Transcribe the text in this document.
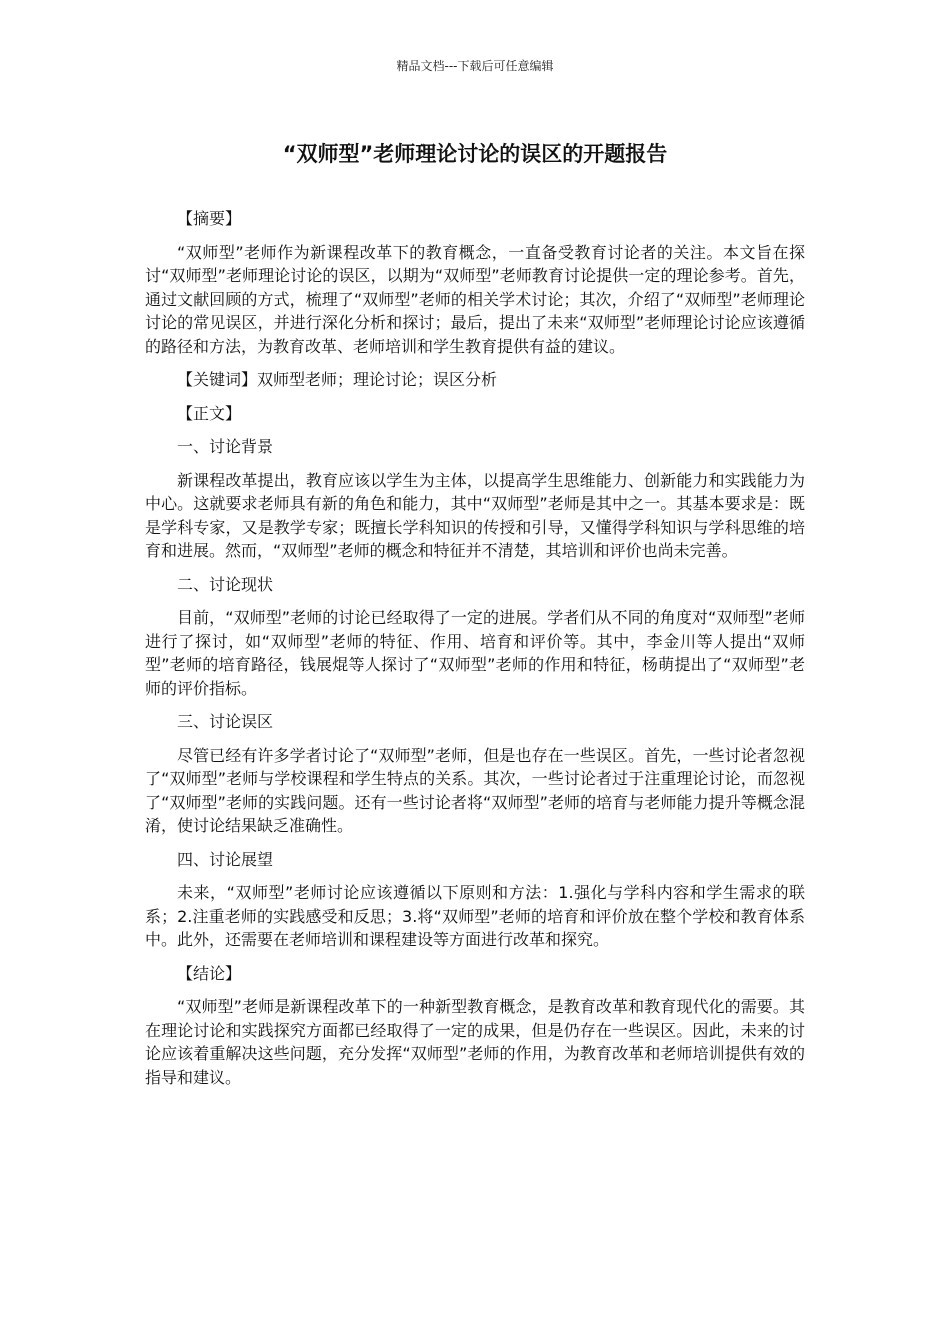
精品文档---下载后可任意编辑
“双师型”老师理论讨论的误区的开题报告

【摘要】

“双师型”老师作为新课程改革下的教育概念，一直备受教育讨论者的关注。本文旨在探讨“双师型”老师理论讨论的误区，以期为“双师型”老师教育讨论提供一定的理论参考。首先，通过文献回顾的方式，梳理了“双师型”老师的相关学术讨论；其次，介绍了“双师型”老师理论讨论的常见误区，并进行深化分析和探讨；最后，提出了未来“双师型”老师理论讨论应该遵循的路径和方法，为教育改革、老师培训和学生教育提供有益的建议。

【关键词】双师型老师；理论讨论；误区分析

【正文】

一、讨论背景

新课程改革提出，教育应该以学生为主体，以提高学生思维能力、创新能力和实践能力为中心。这就要求老师具有新的角色和能力，其中“双师型”老师是其中之一。其基本要求是：既是学科专家，又是教学专家；既擅长学科知识的传授和引导，又懂得学科知识与学科思维的培育和进展。然而，“双师型”老师的概念和特征并不清楚，其培训和评价也尚未完善。

二、讨论现状

目前，“双师型”老师的讨论已经取得了一定的进展。学者们从不同的角度对“双师型”老师进行了探讨，如“双师型”老师的特征、作用、培育和评价等。其中，李金川等人提出“双师型”老师的培育路径，钱展焜等人探讨了“双师型”老师的作用和特征，杨萌提出了“双师型”老师的评价指标。

三、讨论误区

尽管已经有许多学者讨论了“双师型”老师，但是也存在一些误区。首先，一些讨论者忽视了“双师型”老师与学校课程和学生特点的关系。其次，一些讨论者过于注重理论讨论，而忽视了“双师型”老师的实践问题。还有一些讨论者将“双师型”老师的培育与老师能力提升等概念混淆，使讨论结果缺乏准确性。

四、讨论展望

未来，“双师型”老师讨论应该遵循以下原则和方法：1.强化与学科内容和学生需求的联系；2.注重老师的实践感受和反思；3.将“双师型”老师的培育和评价放在整个学校和教育体系中。此外，还需要在老师培训和课程建设等方面进行改革和探究。

【结论】

“双师型”老师是新课程改革下的一种新型教育概念，是教育改革和教育现代化的需要。其在理论讨论和实践探究方面都已经取得了一定的成果，但是仍存在一些误区。因此，未来的讨论应该着重解决这些问题，充分发挥“双师型”老师的作用，为教育改革和老师培训提供有效的指导和建议。
